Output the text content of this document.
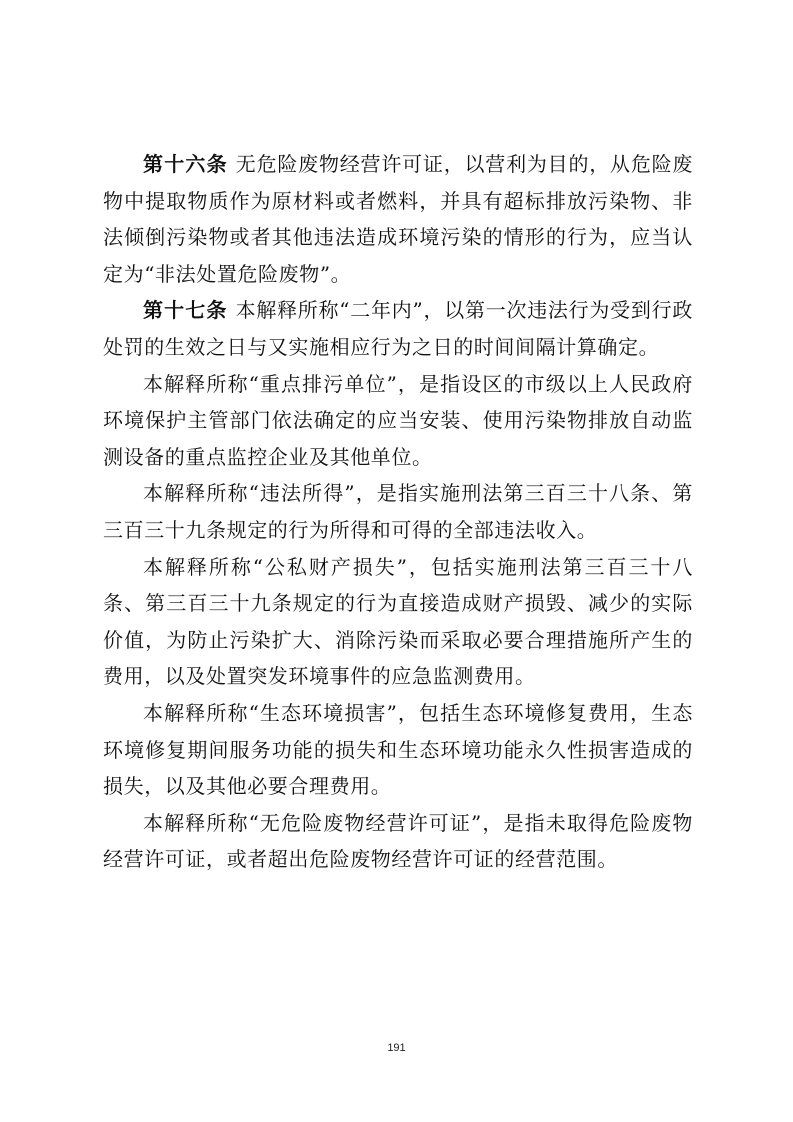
第十六条 无危险废物经营许可证，以营利为目的，从危险废物中提取物质作为原材料或者燃料，并具有超标排放污染物、非法倾倒污染物或者其他违法造成环境污染的情形的行为，应当认定为“非法处置危险废物”。

第十七条 本解释所称“二年内”，以第一次违法行为受到行政处罚的生效之日与又实施相应行为之日的时间间隔计算确定。

本解释所称“重点排污单位”，是指设区的市级以上人民政府环境保护主管部门依法确定的应当安装、使用污染物排放自动监测设备的重点监控企业及其他单位。

本解释所称“违法所得”，是指实施刑法第三百三十八条、第三百三十九条规定的行为所得和可得的全部违法收入。

本解释所称“公私财产损失”，包括实施刑法第三百三十八条、第三百三十九条规定的行为直接造成财产损毁、减少的实际价值，为防止污染扩大、消除污染而采取必要合理措施所产生的费用，以及处置突发环境事件的应急监测费用。

本解释所称“生态环境损害”，包括生态环境修复费用，生态环境修复期间服务功能的损失和生态环境功能永久性损害造成的损失，以及其他必要合理费用。

本解释所称“无危险废物经营许可证”，是指未取得危险废物经营许可证，或者超出危险废物经营许可证的经营范围。

191
